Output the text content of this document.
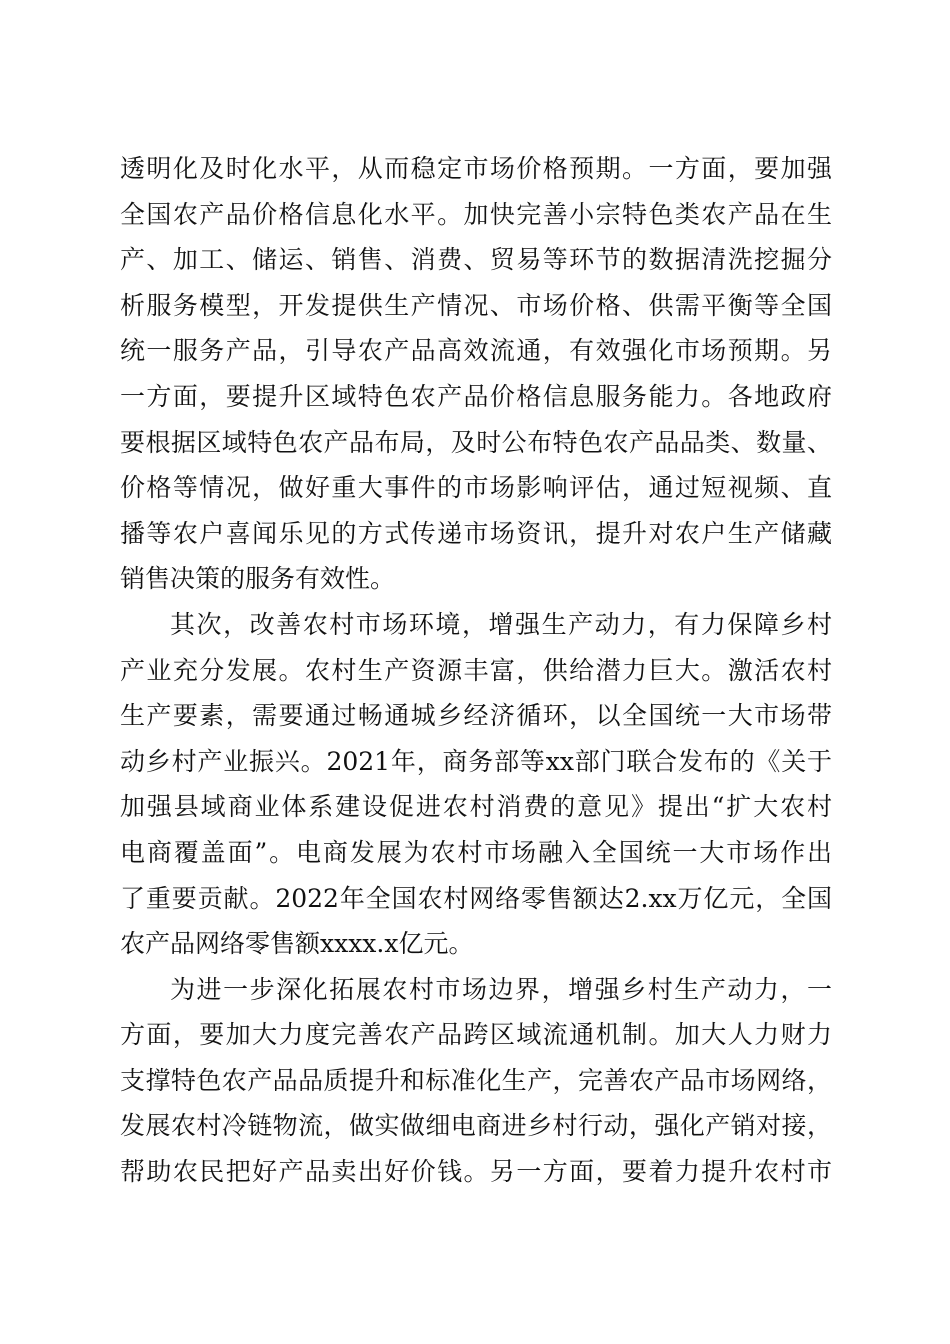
透明化及时化水平，从而稳定市场价格预期。一方面，要加强
全国农产品价格信息化水平。加快完善小宗特色类农产品在生
产、加工、储运、销售、消费、贸易等环节的数据清洗挖掘分
析服务模型，开发提供生产情况、市场价格、供需平衡等全国
统一服务产品，引导农产品高效流通，有效强化市场预期。另
一方面，要提升区域特色农产品价格信息服务能力。各地政府
要根据区域特色农产品布局，及时公布特色农产品品类、数量、
价格等情况，做好重大事件的市场影响评估，通过短视频、直
播等农户喜闻乐见的方式传递市场资讯，提升对农户生产储藏
销售决策的服务有效性。
其次，改善农村市场环境，增强生产动力，有力保障乡村
产业充分发展。农村生产资源丰富，供给潜力巨大。激活农村
生产要素，需要通过畅通城乡经济循环，以全国统一大市场带
动乡村产业振兴。2021年，商务部等xx部门联合发布的《关于
加强县域商业体系建设促进农村消费的意见》提出“扩大农村
电商覆盖面”。电商发展为农村市场融入全国统一大市场作出
了重要贡献。2022年全国农村网络零售额达2.xx万亿元，全国
农产品网络零售额xxxx.x亿元。
为进一步深化拓展农村市场边界，增强乡村生产动力，一
方面，要加大力度完善农产品跨区域流通机制。加大人力财力
支撑特色农产品品质提升和标准化生产，完善农产品市场网络，
发展农村冷链物流，做实做细电商进乡村行动，强化产销对接，
帮助农民把好产品卖出好价钱。另一方面，要着力提升农村市
